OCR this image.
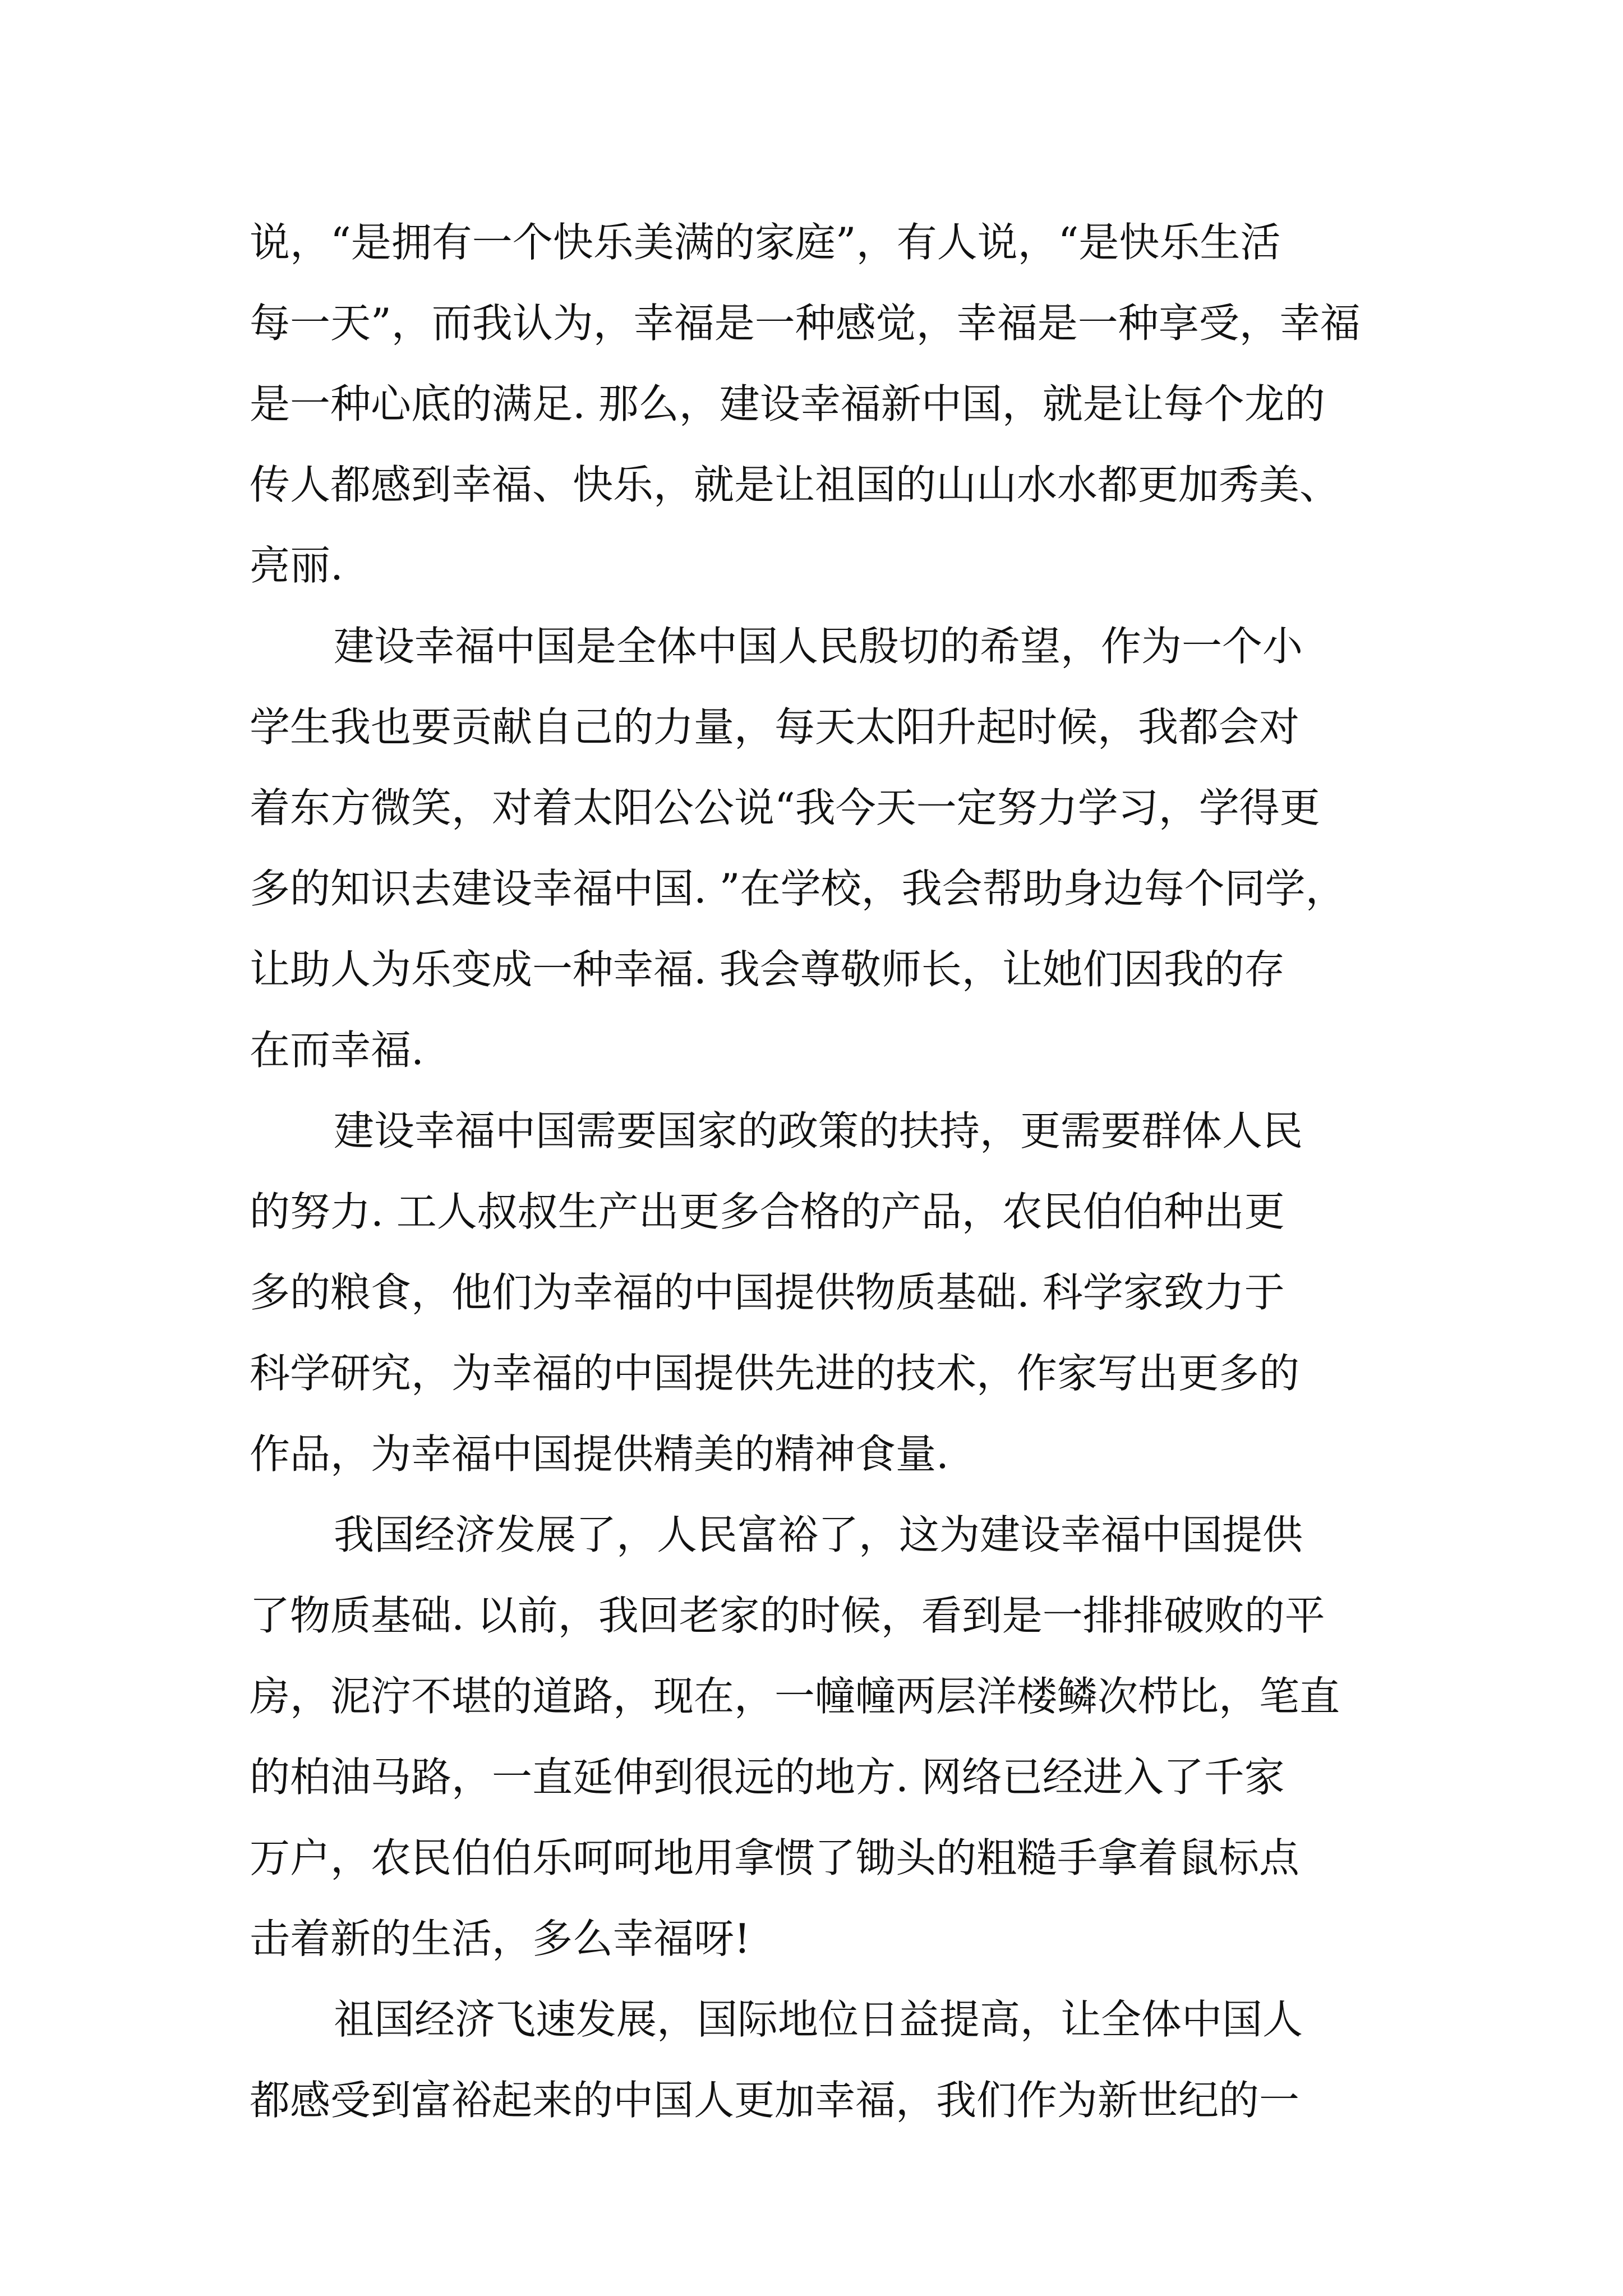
说，“是拥有一个快乐美满的家庭”，有人说，“是快乐生活
每一天”，而我认为，幸福是一种感觉，幸福是一种享受，幸福
是一种心底的满足. 那么，建设幸福新中国，就是让每个龙的
传人都感到幸福、快乐，就是让祖国的山山水水都更加秀美、
亮丽.
建设幸福中国是全体中国人民殷切的希望，作为一个小
学生我也要贡献自己的力量，每天太阳升起时候，我都会对
着东方微笑，对着太阳公公说“我今天一定努力学习，学得更
多的知识去建设幸福中国. ”在学校，我会帮助身边每个同学，
让助人为乐变成一种幸福. 我会尊敬师长，让她们因我的存
在而幸福.
建设幸福中国需要国家的政策的扶持，更需要群体人民
的努力. 工人叔叔生产出更多合格的产品，农民伯伯种出更
多的粮食，他们为幸福的中国提供物质基础. 科学家致力于
科学研究，为幸福的中国提供先进的技术，作家写出更多的
作品，为幸福中国提供精美的精神食量.
我国经济发展了，人民富裕了，这为建设幸福中国提供
了物质基础. 以前，我回老家的时候，看到是一排排破败的平
房，泥泞不堪的道路，现在，一幢幢两层洋楼鳞次栉比，笔直
的柏油马路，一直延伸到很远的地方. 网络已经进入了千家
万户，农民伯伯乐呵呵地用拿惯了锄头的粗糙手拿着鼠标点
击着新的生活，多么幸福呀!
祖国经济飞速发展，国际地位日益提高，让全体中国人
都感受到富裕起来的中国人更加幸福，我们作为新世纪的一
